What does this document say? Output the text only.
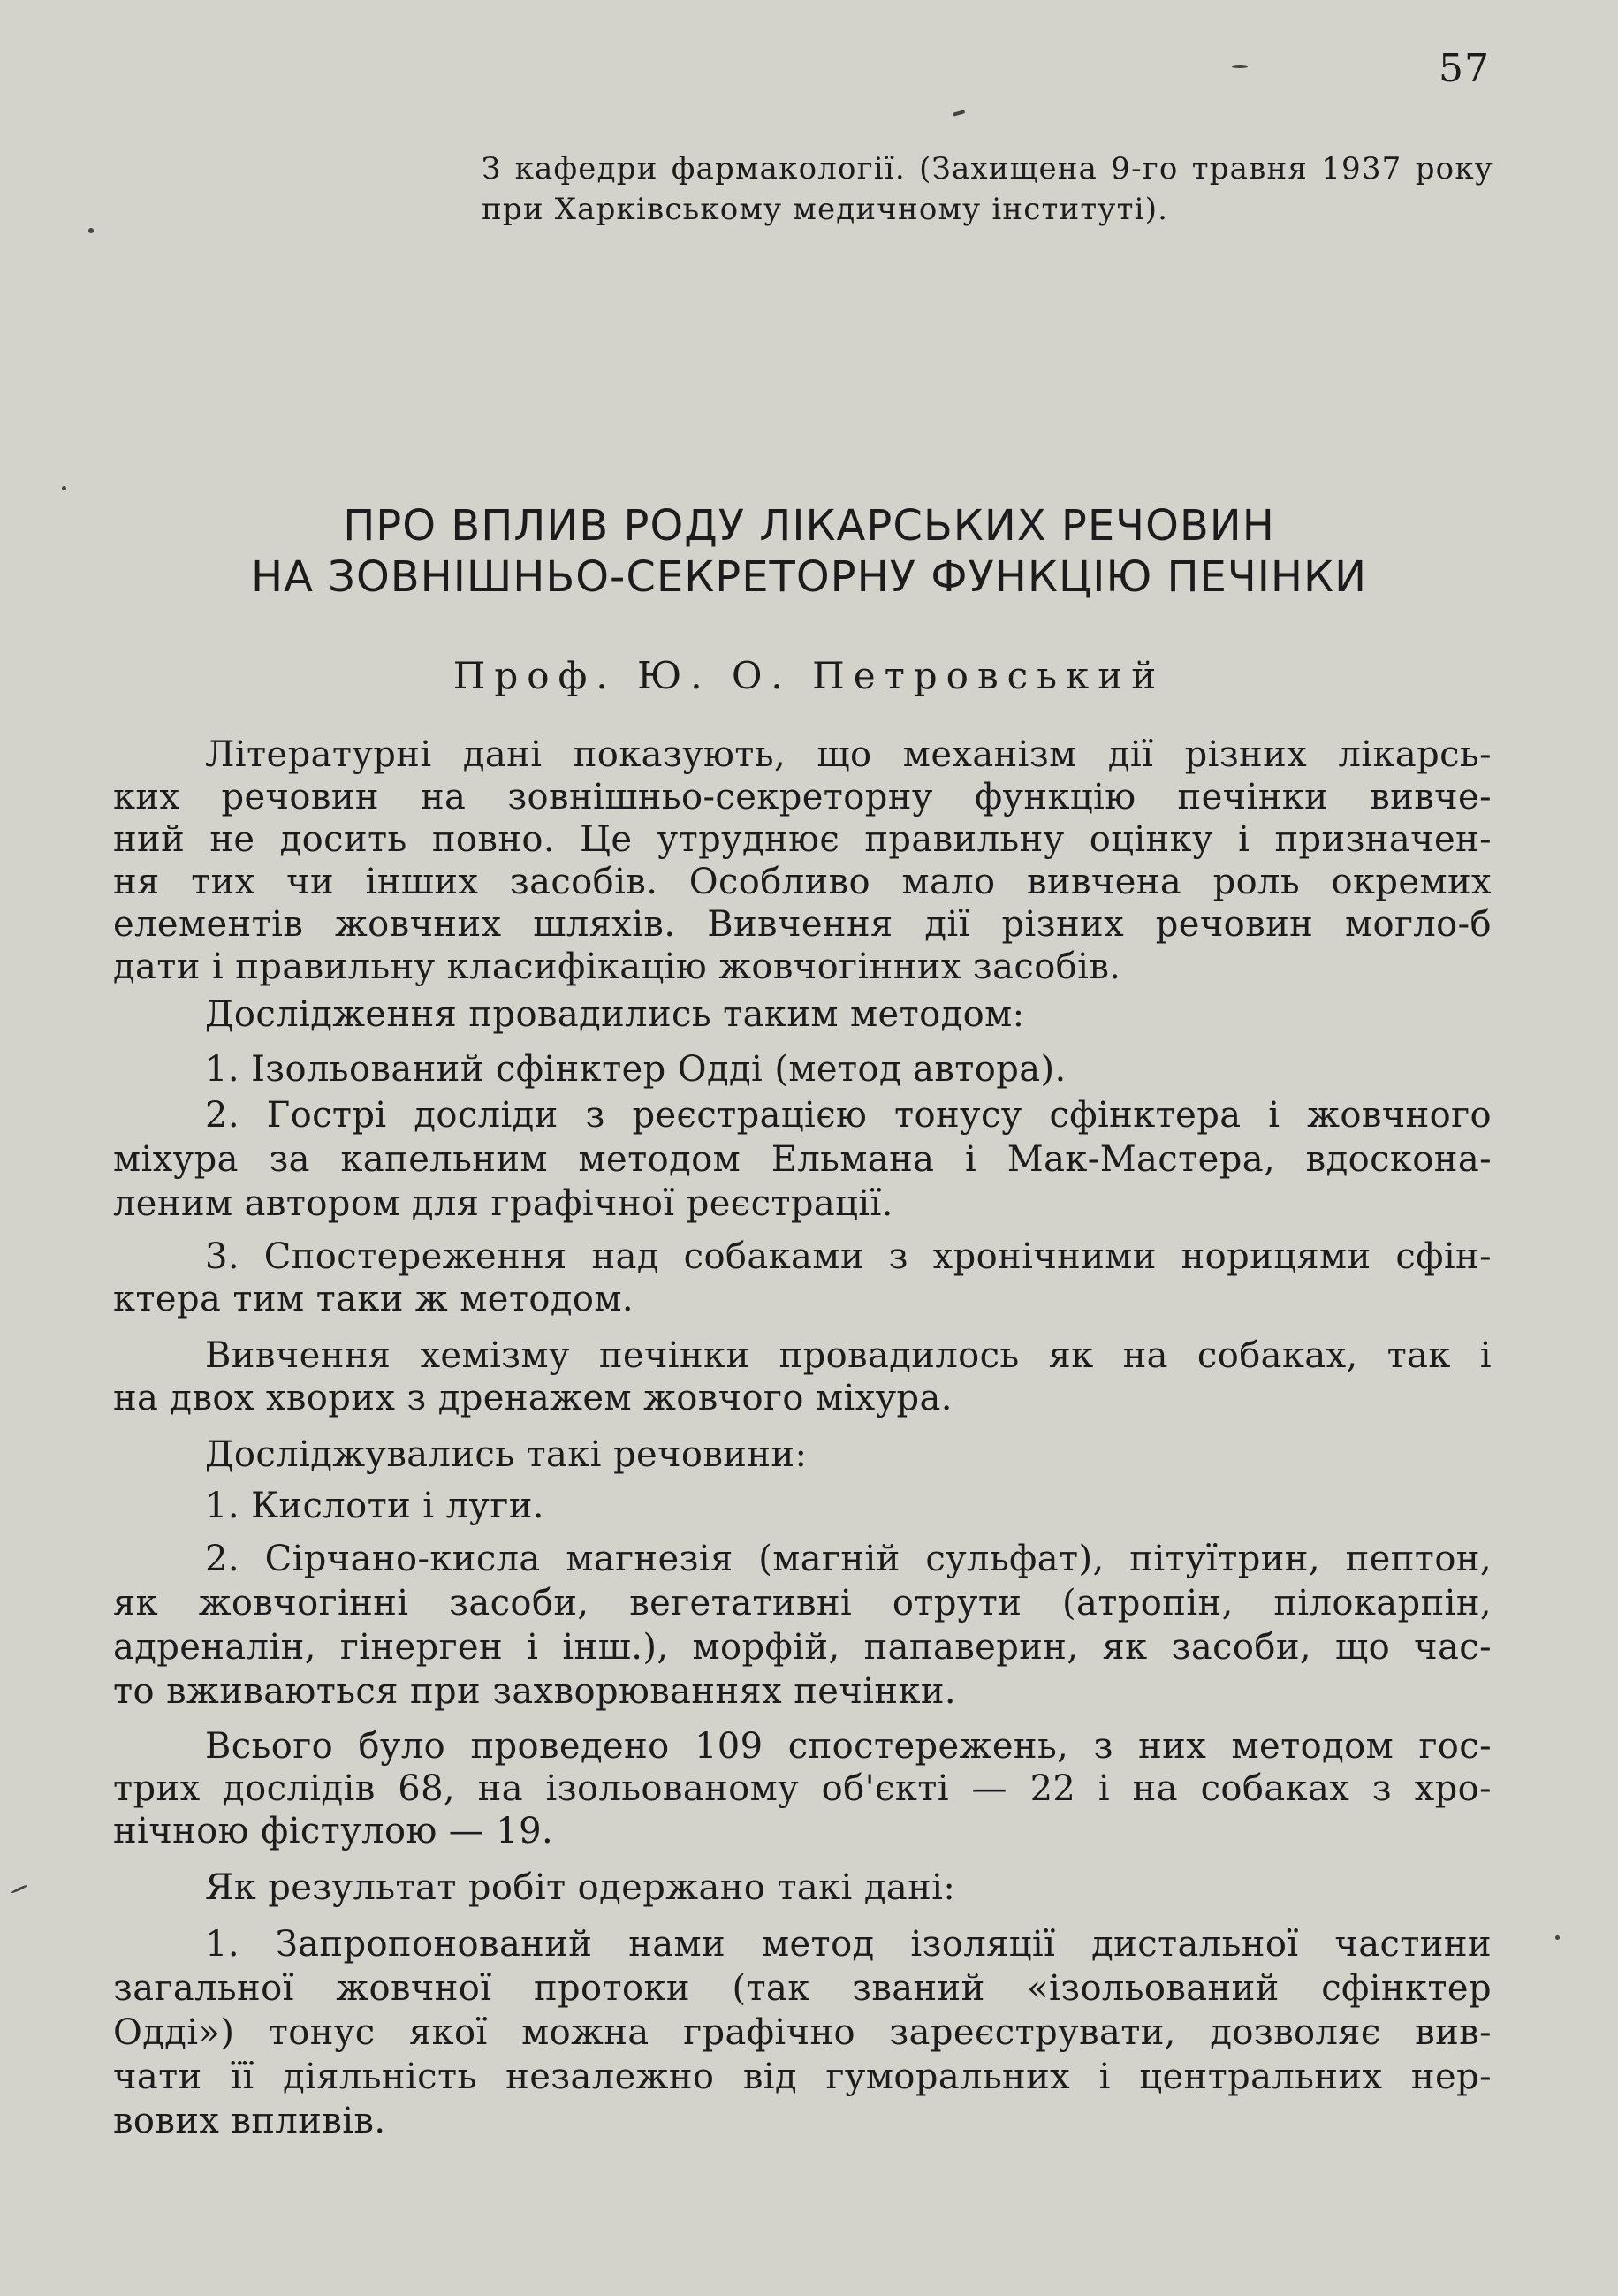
57
З кафедри фармакології. (Захищена 9-го травня 1937 року
при Харківському медичному інституті).
ПРО ВПЛИВ РОДУ ЛІКАРСЬКИХ РЕЧОВИН
НА ЗОВНІШНЬО-СЕКРЕТОРНУ ФУНКЦІЮ ПЕЧІНКИ
Проф. Ю. О. Петровський
Літературні дані показують, що механізм дії різних лікарсь-
ких речовин на зовнішньо-секреторну функцію печінки вивче-
ний не досить повно. Це утруднює правильну оцінку і призначен-
ня тих чи інших засобів. Особливо мало вивчена роль окремих
елементів жовчних шляхів. Вивчення дії різних речовин могло-б
дати і правильну класифікацію жовчогінних засобів.
Дослідження провадились таким методом:
1. Ізольований сфінктер Одді (метод автора).
2. Гострі досліди з реєстрацією тонусу сфінктера і жовчного
міхура за капельним методом Ельмана і Мак-Мастера, вдоскона-
леним автором для графічної реєстрації.
3. Спостереження над собаками з хронічними норицями сфін-
ктера тим таки ж методом.
Вивчення хемізму печінки провадилось як на собаках, так і
на двох хворих з дренажем жовчого міхура.
Досліджувались такі речовини:
1. Кислоти і луги.
2. Сірчано-кисла магнезія (магній сульфат), пітуїтрин, пептон,
як жовчогінні засоби, вегетативні отрути (атропін, пілокарпін,
адреналін, гінерген і інш.), морфій, папаверин, як засоби, що час-
то вживаються при захворюваннях печінки.
Всього було проведено 109 спостережень, з них методом гос-
трих дослідів 68, на ізольованому об'єкті — 22 і на собаках з хро-
нічною фістулою — 19.
Як результат робіт одержано такі дані:
1. Запропонований нами метод ізоляції дистальної частини
загальної жовчної протоки (так званий «ізольований сфінктер
Одді») тонус якої можна графічно зареєструвати, дозволяє вив-
чати її діяльність незалежно від гуморальних і центральних нер-
вових впливів.
